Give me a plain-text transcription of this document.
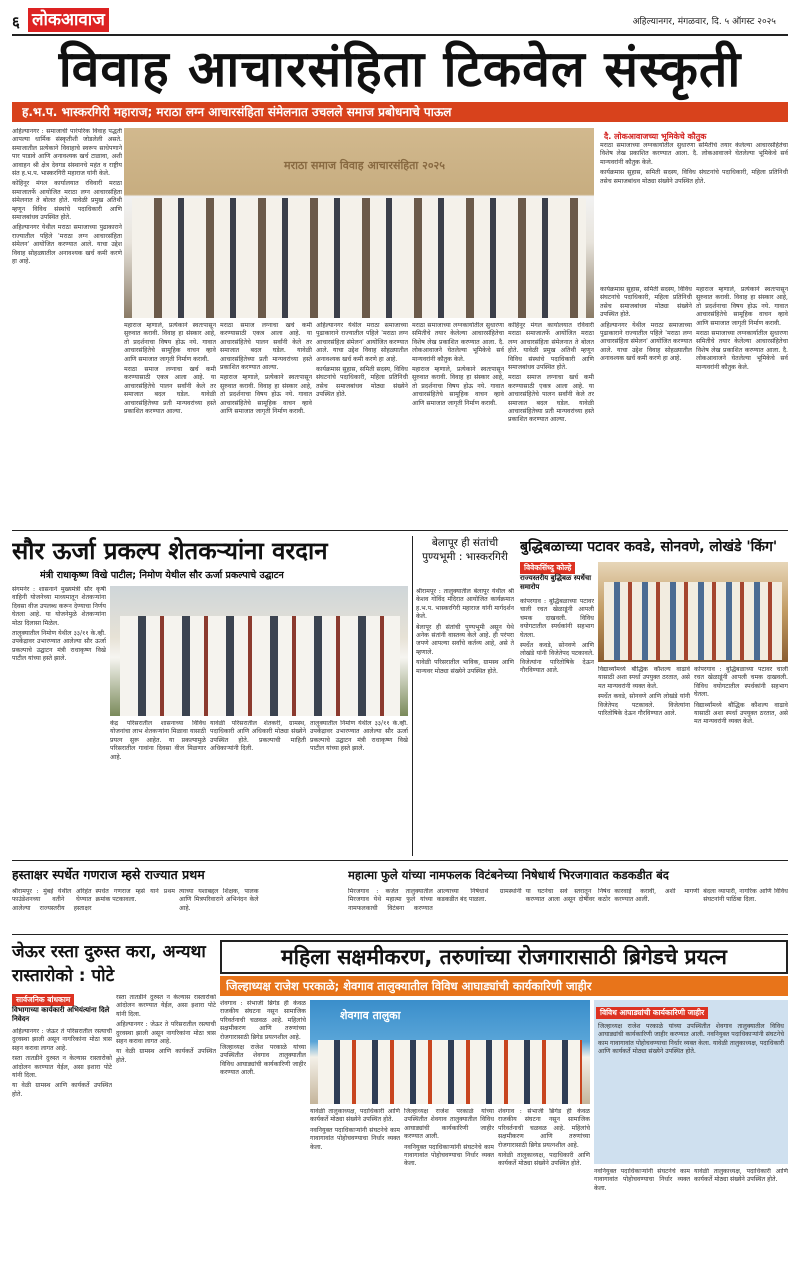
६ लोकआवाज	अहिल्यानगर, मंगळवार, दि. ५ ऑगस्ट २०२५
विवाह आचारसंहिता टिकवेल संस्कृती
ह.भ.प. भास्करगिरी महाराज; मराठा लग्न आचारसंहिता संमेलनात उचलले समाज प्रबोधनाचे पाऊल

अहिल्यानगर : समाजाची पारंपरिक विवाह पद्धती आपल्या धार्मिक संस्कृतीशी जोडलेली असते. समाजातील प्रत्येकाने विवाहाचे स्वरूप साधेपणाने पार पाडावे आणि अनावश्यक खर्च टाळावा, अशी आवाहन श्री क्षेत्र देवगड संस्थानचे महंत व राष्ट्रीय संत ह.भ.प. भास्करगिरी महाराज यांनी केले.

कोहिनूर मंगल कार्यालयात रविवारी मराठा समाजातर्फे आयोजित मराठा लग्न आचारसंहिता संमेलनात ते बोलत होते. यावेळी प्रमुख अतिथी म्हणून विविध संस्थांचे पदाधिकारी आणि समाजबांधव उपस्थित होते.

अहिल्यानगर येथील मराठा समाजाच्या पुढाकाराने राज्यातील पहिले 'मराठा लग्न आचारसंहिता संमेलन' आयोजित करण्यात आले. याचा उद्देश विवाह सोहळ्यातील अनावश्यक खर्च कमी करणे हा आहे.

मराठा समाज विवाह आचारसंहिता २०२५
दै. लोकआवाजच्या भूमिकेचे कौतुक

मराठा समाजाच्या लग्नकार्यातील सुधारणा समितीचे तयार केलेल्या आचारसंहितेचा विशेष लेख प्रकाशित करण्यात आला. दै. लोकआवाजने घेतलेल्या भूमिकेचे सर्व मान्यवरांनी कौतुक केले.

कार्यक्रमास सुहास, समिती सदस्य, विविध संघटनांचे पदाधिकारी, महिला प्रतिनिधी तसेच समाजबांधव मोठ्या संख्येने उपस्थित होते.

महाराज म्हणाले, प्रत्येकाने स्वतःपासून सुरुवात करावी. विवाह हा संस्कार आहे, तो प्रदर्शनाचा विषय होऊ नये. गावात आचारसंहितेचे सामूहिक वाचन व्हावे आणि समाजात जागृती निर्माण करावी.

मराठा समाज लग्नाचा खर्च कमी करण्यासाठी एकत्र आला आहे. या आचारसंहितेचे पालन सर्वांनी केले तर समाजात बदल घडेल. यावेळी आचारसंहितेच्या प्रती मान्यवरांच्या हस्ते प्रकाशित करण्यात आल्या.

मराठा समाज लग्नाचा खर्च कमी करण्यासाठी एकत्र आला आहे. या आचारसंहितेचे पालन सर्वांनी केले तर समाजात बदल घडेल. यावेळी आचारसंहितेच्या प्रती मान्यवरांच्या हस्ते प्रकाशित करण्यात आल्या.

महाराज म्हणाले, प्रत्येकाने स्वतःपासून सुरुवात करावी. विवाह हा संस्कार आहे, तो प्रदर्शनाचा विषय होऊ नये. गावात आचारसंहितेचे सामूहिक वाचन व्हावे आणि समाजात जागृती निर्माण करावी.

अहिल्यानगर येथील मराठा समाजाच्या पुढाकाराने राज्यातील पहिले 'मराठा लग्न आचारसंहिता संमेलन' आयोजित करण्यात आले. याचा उद्देश विवाह सोहळ्यातील अनावश्यक खर्च कमी करणे हा आहे.

कार्यक्रमास सुहास, समिती सदस्य, विविध संघटनांचे पदाधिकारी, महिला प्रतिनिधी तसेच समाजबांधव मोठ्या संख्येने उपस्थित होते.

मराठा समाजाच्या लग्नकार्यातील सुधारणा समितीचे तयार केलेल्या आचारसंहितेचा विशेष लेख प्रकाशित करण्यात आला. दै. लोकआवाजने घेतलेल्या भूमिकेचे सर्व मान्यवरांनी कौतुक केले.

महाराज म्हणाले, प्रत्येकाने स्वतःपासून सुरुवात करावी. विवाह हा संस्कार आहे, तो प्रदर्शनाचा विषय होऊ नये. गावात आचारसंहितेचे सामूहिक वाचन व्हावे आणि समाजात जागृती निर्माण करावी.

कोहिनूर मंगल कार्यालयात रविवारी मराठा समाजातर्फे आयोजित मराठा लग्न आचारसंहिता संमेलनात ते बोलत होते. यावेळी प्रमुख अतिथी म्हणून विविध संस्थांचे पदाधिकारी आणि समाजबांधव उपस्थित होते.

मराठा समाज लग्नाचा खर्च कमी करण्यासाठी एकत्र आला आहे. या आचारसंहितेचे पालन सर्वांनी केले तर समाजात बदल घडेल. यावेळी आचारसंहितेच्या प्रती मान्यवरांच्या हस्ते प्रकाशित करण्यात आल्या.

कार्यक्रमास सुहास, समिती सदस्य, विविध संघटनांचे पदाधिकारी, महिला प्रतिनिधी तसेच समाजबांधव मोठ्या संख्येने उपस्थित होते.

अहिल्यानगर येथील मराठा समाजाच्या पुढाकाराने राज्यातील पहिले 'मराठा लग्न आचारसंहिता संमेलन' आयोजित करण्यात आले. याचा उद्देश विवाह सोहळ्यातील अनावश्यक खर्च कमी करणे हा आहे.

महाराज म्हणाले, प्रत्येकाने स्वतःपासून सुरुवात करावी. विवाह हा संस्कार आहे, तो प्रदर्शनाचा विषय होऊ नये. गावात आचारसंहितेचे सामूहिक वाचन व्हावे आणि समाजात जागृती निर्माण करावी.

मराठा समाजाच्या लग्नकार्यातील सुधारणा समितीचे तयार केलेल्या आचारसंहितेचा विशेष लेख प्रकाशित करण्यात आला. दै. लोकआवाजने घेतलेल्या भूमिकेचे सर्व मान्यवरांनी कौतुक केले.

सौर ऊर्जा प्रकल्प शेतकऱ्यांना वरदान
मंत्री राधाकृष्ण विखे पाटील; निमोण येथील सौर ऊर्जा प्रकल्पाचे उद्घाटन

संगमनेर : शासनाने मुख्यमंत्री सौर कृषी वाहिनी योजनेच्या माध्यमातून शेतकऱ्यांना दिवसा वीज उपलब्ध करून देण्याचा निर्णय घेतला आहे. या योजनेमुळे शेतकऱ्यांना मोठा दिलासा मिळेल.

तालुक्यातील निमोण येथील ३३/११ के.व्ही. उपकेंद्रावर उभारण्यात आलेल्या सौर ऊर्जा प्रकल्पाचे उद्घाटन मंत्री राधाकृष्ण विखे पाटील यांच्या हस्ते झाले.

केंद्र परिसरातील शासनाच्या विविध योजनांचा लाभ शेतकऱ्यांना मिळावा यासाठी प्रयत्न सुरू आहेत. या प्रकल्पामुळे परिसरातील गावांना दिवसा वीज मिळणार आहे.

यावेळी परिसरातील शेतकरी, ग्रामस्थ, पदाधिकारी आणि अधिकारी मोठ्या संख्येने उपस्थित होते. प्रकल्पाची माहिती अधिकाऱ्यांनी दिली.

तालुक्यातील निमोण येथील ३३/११ के.व्ही. उपकेंद्रावर उभारण्यात आलेल्या सौर ऊर्जा प्रकल्पाचे उद्घाटन मंत्री राधाकृष्ण विखे पाटील यांच्या हस्ते झाले.

बेलापूर ही संतांची पुण्यभूमी : भास्करगिरी

श्रीरामपूर : तालुक्यातील बेलापूर येथील श्री केशव गोविंद मंदिरात आयोजित कार्यक्रमात ह.भ.प. भास्करगिरी महाराज यांनी मार्गदर्शन केले.

बेलापूर ही संतांची पुण्यभूमी असून येथे अनेक संतांनी वास्तव्य केले आहे. ही परंपरा जपणे आपल्या सर्वांचे कर्तव्य आहे, असे ते म्हणाले.

यावेळी परिसरातील भाविक, ग्रामस्थ आणि मान्यवर मोठ्या संख्येने उपस्थित होते.

बुद्धिबळाच्या पटावर कवडे, सोनवणे, लोखंडे 'किंग'
विवेकसिंध्दु कोल्हे
राज्यस्तरीय बुद्धिबळ स्पर्धेचा समारोप

कोपरगाव : बुद्धिबळाच्या पटावर चाली रचत खेळाडूंनी आपली चमक दाखवली. विविध वयोगटातील स्पर्धकांनी सहभाग घेतला.

स्पर्धेत कवडे, सोनवणे आणि लोखंडे यांनी विजेतेपद पटकावले. विजेत्यांना पारितोषिके देऊन गौरविण्यात आले.	विद्यार्थ्यांमध्ये बौद्धिक कौशल्य वाढावे यासाठी अशा स्पर्धा उपयुक्त ठरतात, असे मत मान्यवरांनी व्यक्त केले.

स्पर्धेत कवडे, सोनवणे आणि लोखंडे यांनी विजेतेपद पटकावले. विजेत्यांना पारितोषिके देऊन गौरविण्यात आले.

कोपरगाव : बुद्धिबळाच्या पटावर चाली रचत खेळाडूंनी आपली चमक दाखवली. विविध वयोगटातील स्पर्धकांनी सहभाग घेतला.

विद्यार्थ्यांमध्ये बौद्धिक कौशल्य वाढावे यासाठी अशा स्पर्धा उपयुक्त ठरतात, असे मत मान्यवरांनी व्यक्त केले.

हस्ताक्षर स्पर्धेत गणराज म्हसे राज्यात प्रथम

श्रीरामपूर : मुंबई येथील अरिहंत फाउंडेशनच्या वतीने घेण्यात आलेल्या राज्यस्तरीय हस्ताक्षर स्पर्धेत गणराज म्हसे याने प्रथम क्रमांक पटकावला.

त्याच्या यशाबद्दल शिक्षक, पालक आणि मित्रपरिवाराने अभिनंदन केले आहे.

महात्मा फुले यांच्या नामफलक विटंबनेच्या निषेधार्थ भिरजगावात कडकडीत बंद

मिरजगाव : कर्जत तालुक्यातील मिरजगाव येथे महात्मा फुले यांच्या नामफलकाची विटंबना करण्यात आल्याच्या निषेधार्थ ग्रामस्थांनी कडकडीत बंद पाळला.

या घटनेचा सर्व स्तरातून निषेध करण्यात आला असून दोषींवर कठोर कारवाई करावी, अशी मागणी करण्यात आली.

बंदला व्यापारी, नागरिक आणि विविध संघटनांनी पाठिंबा दिला.

जेऊर रस्ता दुरुस्त करा, अन्यथा रास्तारोको : पोटे
सार्वजनिक बांधकाम
विभागाच्या कार्यकारी अभियंत्यांना दिले निवेदन

अहिल्यानगर : जेऊर ते परिसरातील रस्त्याची दुरवस्था झाली असून नागरिकांना मोठा त्रास सहन करावा लागत आहे.

रस्ता तातडीने दुरुस्त न केल्यास रास्तारोको आंदोलन करण्यात येईल, असा इशारा पोटे यांनी दिला.

या वेळी ग्रामस्थ आणि कार्यकर्ते उपस्थित होते.

रस्ता तातडीने दुरुस्त न केल्यास रास्तारोको आंदोलन करण्यात येईल, असा इशारा पोटे यांनी दिला.

अहिल्यानगर : जेऊर ते परिसरातील रस्त्याची दुरवस्था झाली असून नागरिकांना मोठा त्रास सहन करावा लागत आहे.

या वेळी ग्रामस्थ आणि कार्यकर्ते उपस्थित होते.

महिला सक्षमीकरण, तरुणांच्या रोजगारासाठी ब्रिगेडचे प्रयत्न
जिल्हाध्यक्ष राजेश परकाळे; शेवगाव तालुक्यातील विविध आघाड्यांची कार्यकारिणी जाहीर

शेवगाव : संभाजी ब्रिगेड ही केवळ राजकीय संघटना नसून सामाजिक परिवर्तनाची चळवळ आहे. महिलांचे सक्षमीकरण आणि तरुणांच्या रोजगारासाठी ब्रिगेड प्रयत्नशील आहे.

जिल्हाध्यक्ष राजेश परकाळे यांच्या उपस्थितीत शेवगाव तालुक्यातील विविध आघाड्यांची कार्यकारिणी जाहीर करण्यात आली.

शेवगाव तालुका

यावेळी तालुकाध्यक्ष, पदाधिकारी आणि कार्यकर्ते मोठ्या संख्येने उपस्थित होते.

नवनियुक्त पदाधिकाऱ्यांनी संघटनेचे काम गावागावांत पोहोचवण्याचा निर्धार व्यक्त केला.

जिल्हाध्यक्ष राजेश परकाळे यांच्या उपस्थितीत शेवगाव तालुक्यातील विविध आघाड्यांची कार्यकारिणी जाहीर करण्यात आली.

नवनियुक्त पदाधिकाऱ्यांनी संघटनेचे काम गावागावांत पोहोचवण्याचा निर्धार व्यक्त केला.

शेवगाव : संभाजी ब्रिगेड ही केवळ राजकीय संघटना नसून सामाजिक परिवर्तनाची चळवळ आहे. महिलांचे सक्षमीकरण आणि तरुणांच्या रोजगारासाठी ब्रिगेड प्रयत्नशील आहे.

यावेळी तालुकाध्यक्ष, पदाधिकारी आणि कार्यकर्ते मोठ्या संख्येने उपस्थित होते.

विविध आघाड्यांची कार्यकारिणी जाहीर
जिल्हाध्यक्ष राजेश परकाळे यांच्या उपस्थितीत शेवगाव तालुक्यातील विविध आघाड्यांची कार्यकारिणी जाहीर करण्यात आली. नवनियुक्त पदाधिकाऱ्यांनी संघटनेचे काम गावागावांत पोहोचवण्याचा निर्धार व्यक्त केला. यावेळी तालुकाध्यक्ष, पदाधिकारी आणि कार्यकर्ते मोठ्या संख्येने उपस्थित होते.

नवनियुक्त पदाधिकाऱ्यांनी संघटनेचे काम गावागावांत पोहोचवण्याचा निर्धार व्यक्त केला.

यावेळी तालुकाध्यक्ष, पदाधिकारी आणि कार्यकर्ते मोठ्या संख्येने उपस्थित होते.
